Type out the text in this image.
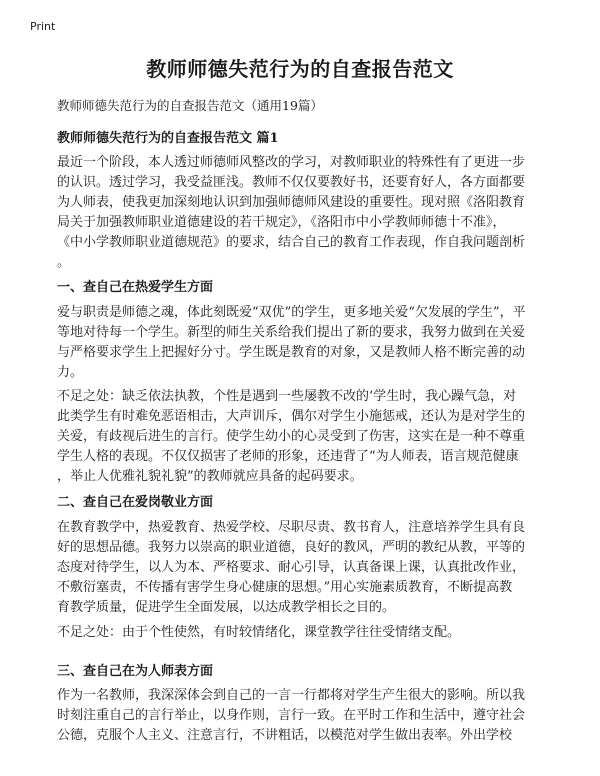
Print
教师师德失范行为的自查报告范文
教师师德失范行为的自查报告范文（通用19篇）
教师师德失范行为的自查报告范文 篇1
最近一个阶段，本人透过师德师风整改的学习，对教师职业的特殊性有了更进一步
的认识。透过学习，我受益匪浅。教师不仅仅要教好书，还要育好人，各方面都要
为人师表，使我更加深刻地认识到加强师德师风建设的重要性。现对照《洛阳教育
局关于加强教师职业道德建设的若干规定》，《洛阳市中小学教师师德十不准》，
《中小学教师职业道德规范》的要求，结合自己的教育工作表现，作自我问题剖析
。
一、查自己在热爱学生方面
爱与职责是师德之魂，体此刻既爱“双优”的学生，更多地关爱“欠发展的学生”，平
等地对待每一个学生。新型的师生关系给我们提出了新的要求，我努力做到在关爱
与严格要求学生上把握好分寸。学生既是教育的对象，又是教师人格不断完善的动
力。
不足之处：缺乏依法执教，个性是遇到一些屡教不改的‘学生时，我心躁气急，对
此类学生有时难免恶语相击，大声训斥，偶尔对学生小施惩戒，还认为是对学生的
关爱，有歧视后进生的言行。使学生幼小的心灵受到了伤害，这实在是一种不尊重
学生人格的表现。不仅仅损害了老师的形象，还违背了“为人师表，语言规范健康
，举止人优雅礼貌礼貌”的教师就应具备的起码要求。
二、查自己在爱岗敬业方面
在教育教学中，热爱教育、热爱学校、尽职尽责、教书育人，注意培养学生具有良
好的思想品德。我努力以崇高的职业道德，良好的教风，严明的教纪从教，平等的
态度对待学生，以人为本、严格要求、耐心引导，认真备课上课，认真批改作业，
不敷衍塞责，不传播有害学生身心健康的思想。”用心实施素质教育，不断提高教
育教学质量，促进学生全面发展，以达成教学相长之目的。
不足之处：由于个性使然，有时较情绪化，课堂教学往往受情绪支配。
三、查自己在为人师表方面
作为一名教师，我深深体会到自己的一言一行都将对学生产生很大的影响。所以我
时刻注重自己的言行举止，以身作则，言行一致。在平时工作和生活中，遵守社会
公德，克服个人主义、注意言行，不讲粗话，以模范对学生做出表率。外出学校
